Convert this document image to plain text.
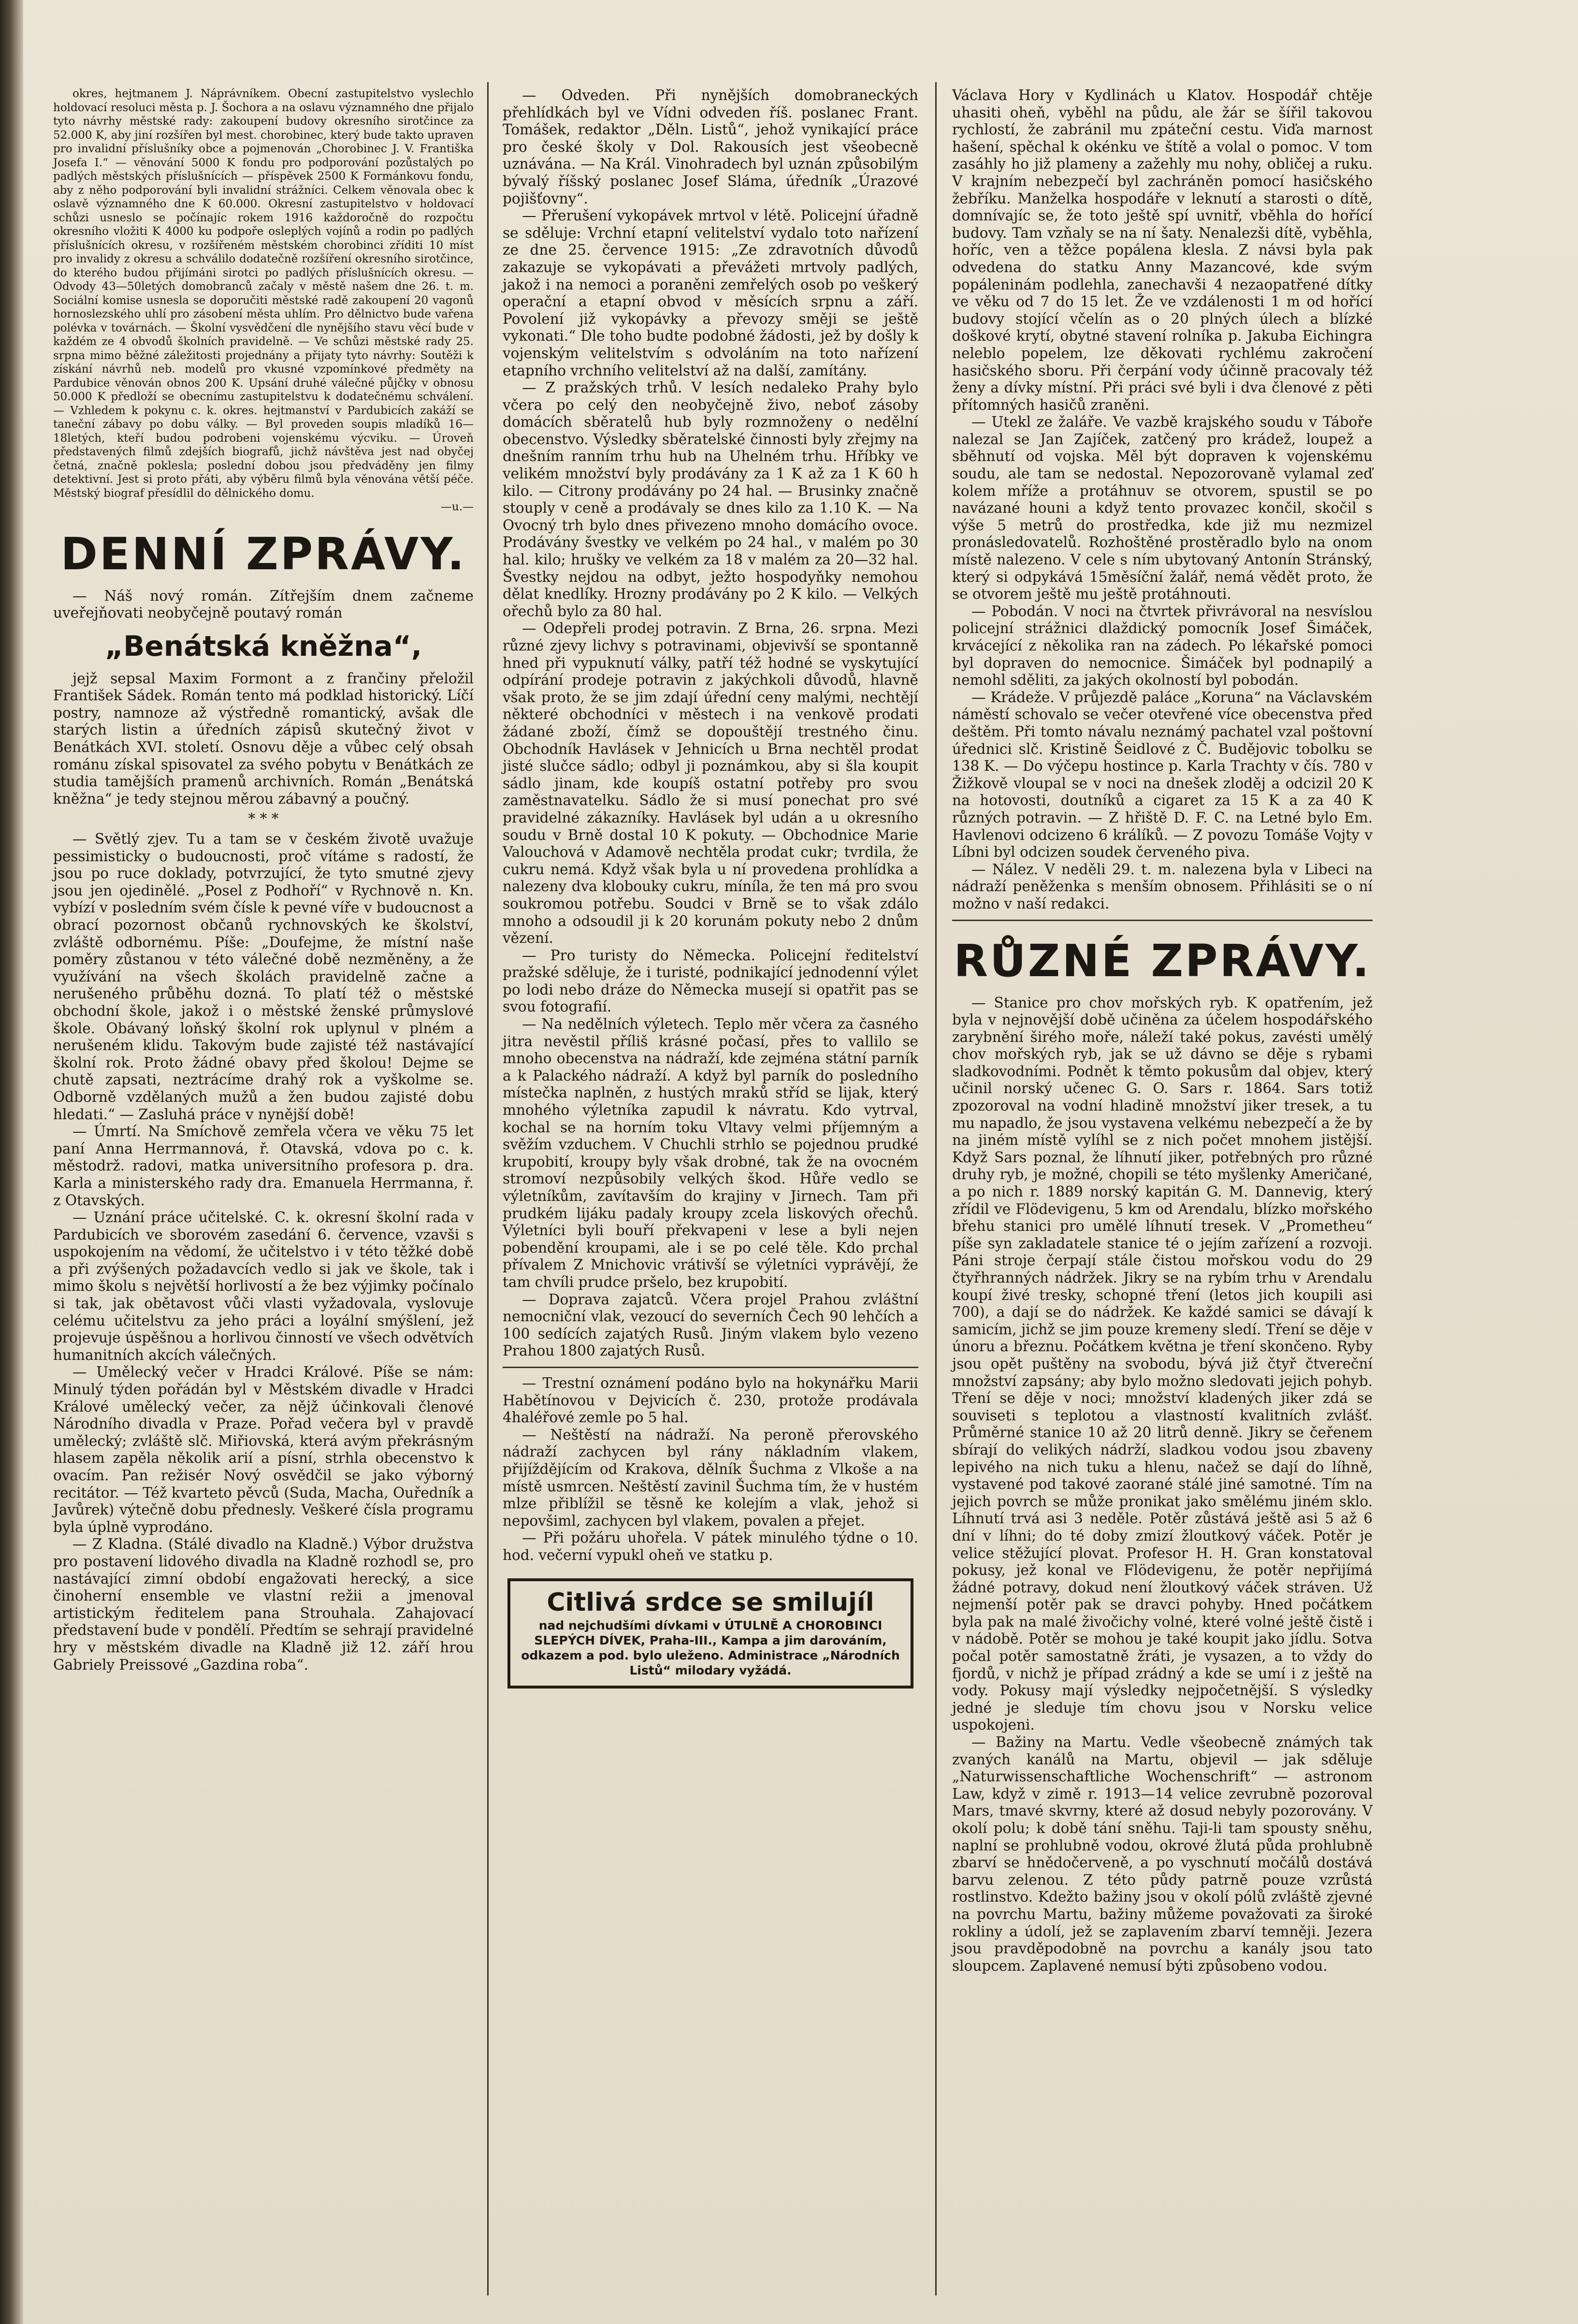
okres, hejtmanem J. Náprávníkem. Obecní zastupitelstvo vyslechlo holdovací resoluci města p. J. Šochora a na oslavu významného dne přijalo tyto návrhy městské rady: zakoupení budovy okresního sirotčince za 52.000 K, aby jiní rozšířen byl mest. chorobinec, který bude takto upraven pro invalidní příslušníky obce a pojmenován „Chorobinec J. V. Františka Josefa I.“ — věnování 5000 K fondu pro podporování pozůstalých po padlých městských příslušnících — příspěvek 2500 K Formánkovu fondu, aby z něho podporování byli invalidní strážníci. Celkem věnovala obec k oslavě významného dne K 60.000. Okresní zastupitelstvo v holdovací schůzi usneslo se počínajíc rokem 1916 každoročně do rozpočtu okresního vložiti K 4000 ku podpoře osleplých vojínů a rodin po padlých příslušnících okresu, v rozšířeném městském chorobinci zříditi 10 míst pro invalidy z okresu a schválilo dodatečně rozšíření okresního sirotčince, do kterého budou přijímáni sirotci po padlých příslušnících okresu. — Odvody 43—50letých domobranců začaly v městě našem dne 26. t. m. Sociální komise usnesla se doporučiti městské radě zakoupení 20 vagonů hornoslezského uhlí pro zásobení města uhlím. Pro dělnictvo bude vařena polévka v továrnách. — Školní vysvědčení dle nynějšího stavu věcí bude v každém ze 4 obvodů školních pravidelně. — Ve schůzi městské rady 25. srpna mimo běžné záležitosti projednány a přijaty tyto návrhy: Soutěži k získání návrhů neb. modelů pro vkusné vzpomínkové předměty na Pardubice věnován obnos 200 K. Upsání druhé válečné půjčky v obnosu 50.000 K předloží se obecnímu zastupitelstvu k dodatečnému schválení. — Vzhledem k pokynu c. k. okres. hejtmanství v Pardubicích zakáží se taneční zábavy po dobu války. — Byl proveden soupis mladíků 16—18letých, kteří budou podrobeni vojenskému výcviku. — Úroveň představených filmů zdejších biografů, jichž návštěva jest nad obyčej četná, značně poklesla; poslední dobou jsou předváděny jen filmy detektivní. Jest si proto přáti, aby výběru filmů byla věnována větší péče. Městský biograf přesídlil do dělnického domu.

—u.—

DENNÍ ZPRÁVY.

— Náš nový román. Zítřejším dnem začneme uveřejňovati neobyčejně poutavý román

„Benátská kněžna“,

jejž sepsal Maxim Formont a z frančiny přeložil František Sádek. Román tento má podklad historický. Líčí postry, namnoze až výstředně romantický, avšak dle starých listin a úředních zápisů skutečný život v Benátkách XVI. století. Osnovu děje a vůbec celý obsah románu získal spisovatel za svého pobytu v Benátkách ze studia tamějších pramenů archivních. Román „Benátská kněžna“ je tedy stejnou měrou zábavný a poučný.

* * *

— Světlý zjev. Tu a tam se v českém životě uvažuje pessimisticky o budoucnosti, proč vítáme s radostí, že jsou po ruce doklady, potvrzující, že tyto smutné zjevy jsou jen ojedinělé. „Posel z Podhoří“ v Rychnově n. Kn. vybízí v posledním svém čísle k pevné víře v budoucnost a obrací pozornost občanů rychnovských ke školství, zvláště odbornému. Píše: „Doufejme, že místní naše poměry zůstanou v této válečné době nezměněny, a že využívání na všech školách pravidelně začne a nerušeného průběhu dozná. To platí též o městské obchodní škole, jakož i o městské ženské průmyslové škole. Obávaný loňský školní rok uplynul v plném a nerušeném klidu. Takovým bude zajisté též nastávající školní rok. Proto žádné obavy před školou! Dejme se chutě zapsati, neztrácíme drahý rok a vyškolme se. Odborně vzdělaných mužů a žen budou zajisté dobu hledati.“ — Zasluhá práce v nynější době!

— Úmrtí. Na Smíchově zemřela včera ve věku 75 let paní Anna Herrmannová, ř. Otavská, vdova po c. k. městodrž. radovi, matka universitního profesora p. dra. Karla a ministerského rady dra. Emanuela Herrmanna, ř. z Otavských.

— Uznání práce učitelské. C. k. okresní školní rada v Pardubicích ve sborovém zasedání 6. července, vzavši s uspokojením na vědomí, že učitelstvo i v této těžké době a při zvýšených požadavcích vedlo si jak ve škole, tak i mimo školu s největší horlivostí a že bez výjimky počínalo si tak, jak obětavost vůči vlasti vyžadovala, vyslovuje celému učitelstvu za jeho práci a loyální smýšlení, jež projevuje úspěšnou a horlivou činností ve všech odvětvích humanitních akcích válečných.

— Umělecký večer v Hradci Králové. Píše se nám: Minulý týden pořádán byl v Městském divadle v Hradci Králové umělecký večer, za nějž účinkovali členové Národního divadla v Praze. Pořad večera byl v pravdě umělecký; zvláště slč. Miřiovská, která avým překrásným hlasem zapěla několik arií a písní, strhla obecenstvo k ovacím. Pan režisér Nový osvědčil se jako výborný recitátor. — Též kvarteto pěvců (Suda, Macha, Ouředník a Javůrek) výtečně dobu přednesly. Veškeré čísla programu byla úplně vyprodáno.

— Z Kladna. (Stálé divadlo na Kladně.) Výbor družstva pro postavení lidového divadla na Kladně rozhodl se, pro nastávající zimní období engažovati herecký, a sice činoherní ensemble ve vlastní režii a jmenoval artistickým ředitelem pana Strouhala. Zahajovací představení bude v pondělí. Předtím se sehrají pravidelné hry v městském divadle na Kladně již 12. září hrou Gabriely Preissové „Gazdina roba“.

— Odveden. Při nynějších domobraneckých přehlídkách byl ve Vídni odveden říš. poslanec Frant. Tomášek, redaktor „Děln. Listů“, jehož vynikající práce pro české školy v Dol. Rakousích jest všeobecně uznávána. — Na Král. Vinohradech byl uznán způsobilým bývalý říšský poslanec Josef Sláma, úředník „Úrazové pojišťovny“.

— Přerušení vykopávek mrtvol v létě. Policejní úřadně se sděluje: Vrchní etapní velitelství vydalo toto nařízení ze dne 25. července 1915: „Ze zdravotních důvodů zakazuje se vykopávati a převážeti mrtvoly padlých, jakož i na nemoci a poraněni zemřelých osob po veškerý operační a etapní obvod v měsících srpnu a září. Povolení již vykopávky a převozy směji se ještě vykonati.“ Dle toho budte podobné žádosti, jež by došly k vojenským velitelstvím s odvoláním na toto nařízení etapního vrchního velitelství až na další, zamítány.

— Z pražských trhů. V lesích nedaleko Prahy bylo včera po celý den neobyčejně živo, neboť zásoby domácích sběratelů hub byly rozmnoženy o nedělní obecenstvo. Výsledky sběratelské činnosti byly zřejmy na dnešním ranním trhu hub na Uhelném trhu. Hříbky ve velikém množství byly prodávány za 1 K až za 1 K 60 h kilo. — Citrony prodávány po 24 hal. — Brusinky značně stouply v ceně a prodávaly se dnes kilo za 1.10 K. — Na Ovocný trh bylo dnes přivezeno mnoho domácího ovoce. Prodávány švestky ve velkém po 24 hal., v malém po 30 hal. kilo; hrušky ve velkém za 18 v malém za 20—32 hal. Švestky nejdou na odbyt, ježto hospodyňky nemohou dělat knedlíky. Hrozny prodávány po 2 K kilo. — Velkých ořechů bylo za 80 hal.

— Odepřeli prodej potravin. Z Brna, 26. srpna. Mezi různé zjevy lichvy s potravinami, objevivší se spontanně hned při vypuknutí války, patří též hodné se vyskytující odpírání prodeje potravin z jakýchkoli důvodů, hlavně však proto, že se jim zdají úřední ceny malými, nechtějí některé obchodníci v městech i na venkově prodati žádané zboží, čímž se dopouštějí trestného činu. Obchodník Havlásek v Jehnicích u Brna nechtěl prodat jisté slučce sádlo; odbyl ji poznámkou, aby si šla koupit sádlo jinam, kde koupíš ostatní potřeby pro svou zaměstnavatelku. Sádlo že si musí ponechat pro své pravidelné zákazníky. Havlásek byl udán a u okresního soudu v Brně dostal 10 K pokuty. — Obchodnice Marie Valouchová v Adamově nechtěla prodat cukr; tvrdila, že cukru nemá. Když však byla u ní provedena prohlídka a nalezeny dva klobouky cukru, míníla, že ten má pro svou soukromou potřebu. Soudci v Brně se to však zdálo mnoho a odsoudil ji k 20 korunám pokuty nebo 2 dnům vězení.

— Pro turisty do Německa. Policejní ředitelství pražské sděluje, že i turisté, podnikající jednodenní výlet po lodi nebo dráze do Německa musejí si opatřit pas se svou fotografií.

— Na nedělních výletech. Teplo měr včera za časného jitra nevěstil příliš krásné počasí, přes to vallilo se mnoho obecenstva na nádraží, kde zejména státní parník a k Palackého nádraží. A když byl parník do posledního místečka naplněn, z hustých mraků stříd se lijak, který mnohého výletníka zapudil k návratu. Kdo vytrval, kochal se na horním toku Vltavy velmi příjemným a svěžím vzduchem. V Chuchli strhlo se pojednou prudké krupobití, kroupy byly však drobné, tak že na ovocném stromoví nezpůsobily velkých škod. Hůře vedlo se výletníkům, zavítavším do krajiny v Jirnech. Tam při prudkém lijáku padaly kroupy zcela liskových ořechů. Výletníci byli bouří překvapeni v lese a byli nejen pobendění kroupami, ale i se po celé těle. Kdo prchal přívalem Z Mnichovic vrátivší se výletníci vyprávějí, že tam chvíli prudce pršelo, bez krupobití.

— Doprava zajatců. Včera projel Prahou zvláštní nemocniční vlak, vezoucí do severních Čech 90 lehčích a 100 sedících zajatých Rusů. Jiným vlakem bylo vezeno Prahou 1800 zajatých Rusů.

— Trestní oznámení podáno bylo na hokynářku Marii Habětínovou v Dejvicích č. 230, protože prodávala 4haléřové zemle po 5 hal.

— Neštěstí na nádraží. Na peroně přerovského nádraží zachycen byl rány nákladním vlakem, přijíždějícím od Krakova, dělník Šuchma z Vlkoše a na místě usmrcen. Neštěstí zavinil Šuchma tím, že v hustém mlze přiblížil se těsně ke kolejím a vlak, jehož si nepovšiml, zachycen byl vlakem, povalen a přejet.

— Při požáru uhořela. V pátek minulého týdne o 10. hod. večerní vypukl oheň ve statku p.

Citlivá srdce se smilujíl
nad nejchudšími dívkami v ÚTULNĚ A CHOROBINCI SLEPÝCH DÍVEK, Praha-III., Kampa a jim darováním, odkazem a pod. bylo uleženo. Administrace „Národních Listů“ milodary vyžádá.

Václava Hory v Kydlinách u Klatov. Hospodář chtěje uhasiti oheň, vyběhl na půdu, ale žár se šířil takovou rychlostí, že zabránil mu zpáteční cestu. Viďa marnost hašení, spěchal k okénku ve štítě a volal o pomoc. V tom zasáhly ho již plameny a zažehly mu nohy, obličej a ruku. V krajním nebezpečí byl zachráněn pomocí hasičského žebříku. Manželka hospodáře v leknutí a starosti o dítě, domnívajíc se, že toto ještě spí uvnitř, vběhla do hořící budovy. Tam vzňaly se na ní šaty. Nenalezši dítě, vyběhla, hoříc, ven a těžce popálena klesla. Z návsi byla pak odvedena do statku Anny Mazancové, kde svým popáleninám podlehla, zanechavši 4 nezaopatřené dítky ve věku od 7 do 15 let. Že ve vzdálenosti 1 m od hořící budovy stojící včelín as o 20 plných úlech a blízké doškové krytí, obytné stavení rolníka p. Jakuba Eichingra neleblo popelem, lze děkovati rychlému zakročení hasičského sboru. Při čerpání vody účinně pracovaly též ženy a dívky místní. Při práci své byli i dva členové z pěti přítomných hasičů zraněni.

— Utekl ze žaláře. Ve vazbě krajského soudu v Táboře nalezal se Jan Zajíček, zatčený pro krádež, loupež a sběhnutí od vojska. Měl být dopraven k vojenskému soudu, ale tam se nedostal. Nepozorovaně vylamal zeď kolem mříže a protáhnuv se otvorem, spustil se po navázané houni a když tento provazec končil, skočil s výše 5 metrů do prostředka, kde již mu nezmizel pronásledovatelů. Rozhoštěné prostěradlo bylo na onom místě nalezeno. V cele s ním ubytovaný Antonín Stránský, který si odpykává 15měsíční žalář, nemá vědět proto, že se otvorem ještě mu ještě protáhnouti.

— Pobodán. V noci na čtvrtek přivrávoral na nesvíslou policejní strážnici dlaždický pomocník Josef Šimáček, krvácející z několika ran na zádech. Po lékařské pomoci byl dopraven do nemocnice. Šimáček byl podnapilý a nemohl sděliti, za jakých okolností byl pobodán.

— Krádeže. V průjezdě paláce „Koruna“ na Václavském náměstí schovalo se večer otevřené více obecenstva před deštěm. Při tomto návalu neznámý pachatel vzal poštovní úřednici slč. Kristině Šeidlové z Č. Budějovic tobolku se 138 K. — Do výčepu hostince p. Karla Trachty v čís. 780 v Žižkově vloupal se v noci na dnešek zloděj a odcizil 20 K na hotovosti, doutníků a cigaret za 15 K a za 40 K různých potravin. — Z hřiště D. F. C. na Letné bylo Em. Havlenovi odcizeno 6 králíků. — Z povozu Tomáše Vojty v Líbni byl odcizen soudek červeného piva.

— Nález. V neděli 29. t. m. nalezena byla v Libeci na nádraží peněženka s menším obnosem. Přihlásiti se o ní možno v naší redakci.

RŮZNÉ ZPRÁVY.

— Stanice pro chov mořských ryb. K opatřením, jež byla v nejnovější době učiněna za účelem hospodářského zarybnění širého moře, náleží také pokus, zavésti umělý chov mořských ryb, jak se už dávno se děje s rybami sladkovodními. Podnět k těmto pokusům dal objev, který učinil norský učenec G. O. Sars r. 1864. Sars totiž zpozoroval na vodní hladině množství jiker tresek, a tu mu napadlo, že jsou vystavena velkému nebezpečí a že by na jiném místě vylíhl se z nich počet mnohem jistější. Když Sars poznal, že líhnutí jiker, potřebných pro různé druhy ryb, je možné, chopili se této myšlenky Američané, a po nich r. 1889 norský kapitán G. M. Dannevig, který zřídil ve Flödevigenu, 5 km od Arendalu, blízko mořského břehu stanici pro umělé líhnutí tresek. V „Prometheu“ píše syn zakladatele stanice té o jejím zařízení a rozvoji. Páni stroje čerpají stále čistou mořskou vodu do 29 čtyřhranných nádržek. Jikry se na rybím trhu v Arendalu koupí živé tresky, schopné tření (letos jich koupili asi 700), a dají se do nádržek. Ke každé samici se dávají k samicím, jichž se jim pouze kremeny sledí. Tření se děje v únoru a březnu. Počátkem května je tření skončeno. Ryby jsou opět puštěny na svobodu, bývá již čtyř čtvereční množství zapsány; aby bylo možno sledovati jejich pohyb. Tření se děje v noci; množství kladených jiker zdá se souviseti s teplotou a vlastností kvalitních zvlášť. Průměrné stanice 10 až 20 litrů denně. Jikry se čeřenem sbírají do velikých nádrží, sladkou vodou jsou zbaveny lepivého na nich tuku a hlenu, načež se dají do líhně, vystavené pod takové zaorané stálé jiné samotné. Tím na jejich povrch se může pronikat jako smělému jiném sklo. Líhnutí trvá asi 3 neděle. Potěr zůstává ještě asi 5 až 6 dní v líhni; do té doby zmizí žloutkový váček. Potěr je velice stěžující plovat. Profesor H. H. Gran konstatoval pokusy, jež konal ve Flödevigenu, že potěr nepřijímá žádné potravy, dokud není žloutkový váček stráven. Už nejmenší potěr pak se dravci pohyby. Hned počátkem byla pak na malé živočichy volné, které volné ještě čistě i v nádobě. Potěr se mohou je také koupit jako jídlu. Sotva počal potěr samostatně žráti, je vysazen, a to vždy do fjordů, v nichž je případ zrádný a kde se umí i z ještě na vody. Pokusy mají výsledky nejpočetnější. S výsledky jedné je sleduje tím chovu jsou v Norsku velice uspokojeni.

— Bažiny na Martu. Vedle všeobecně známých tak zvaných kanálů na Martu, objevil — jak sděluje „Naturwissenschaftliche Wochenschrift“ — astronom Law, když v zimě r. 1913—14 velice zevrubně pozoroval Mars, tmavé skvrny, které až dosud nebyly pozorovány. V okolí polu; k době tání sněhu. Taji-li tam spousty sněhu, naplní se prohlubně vodou, okrové žlutá půda prohlubně zbarví se hnědočerveně, a po vyschnutí močálů dostává barvu zelenou. Z této půdy patrně pouze vzrůstá rostlinstvo. Kdežto bažiny jsou v okolí pólů zvláště zjevné na povrchu Martu, bažiny můžeme považovati za široké rokliny a údolí, jež se zaplavením zbarví temněji. Jezera jsou pravděpodobně na povrchu a kanály jsou tato sloupcem. Zaplavené nemusí býti způsobeno vodou.
